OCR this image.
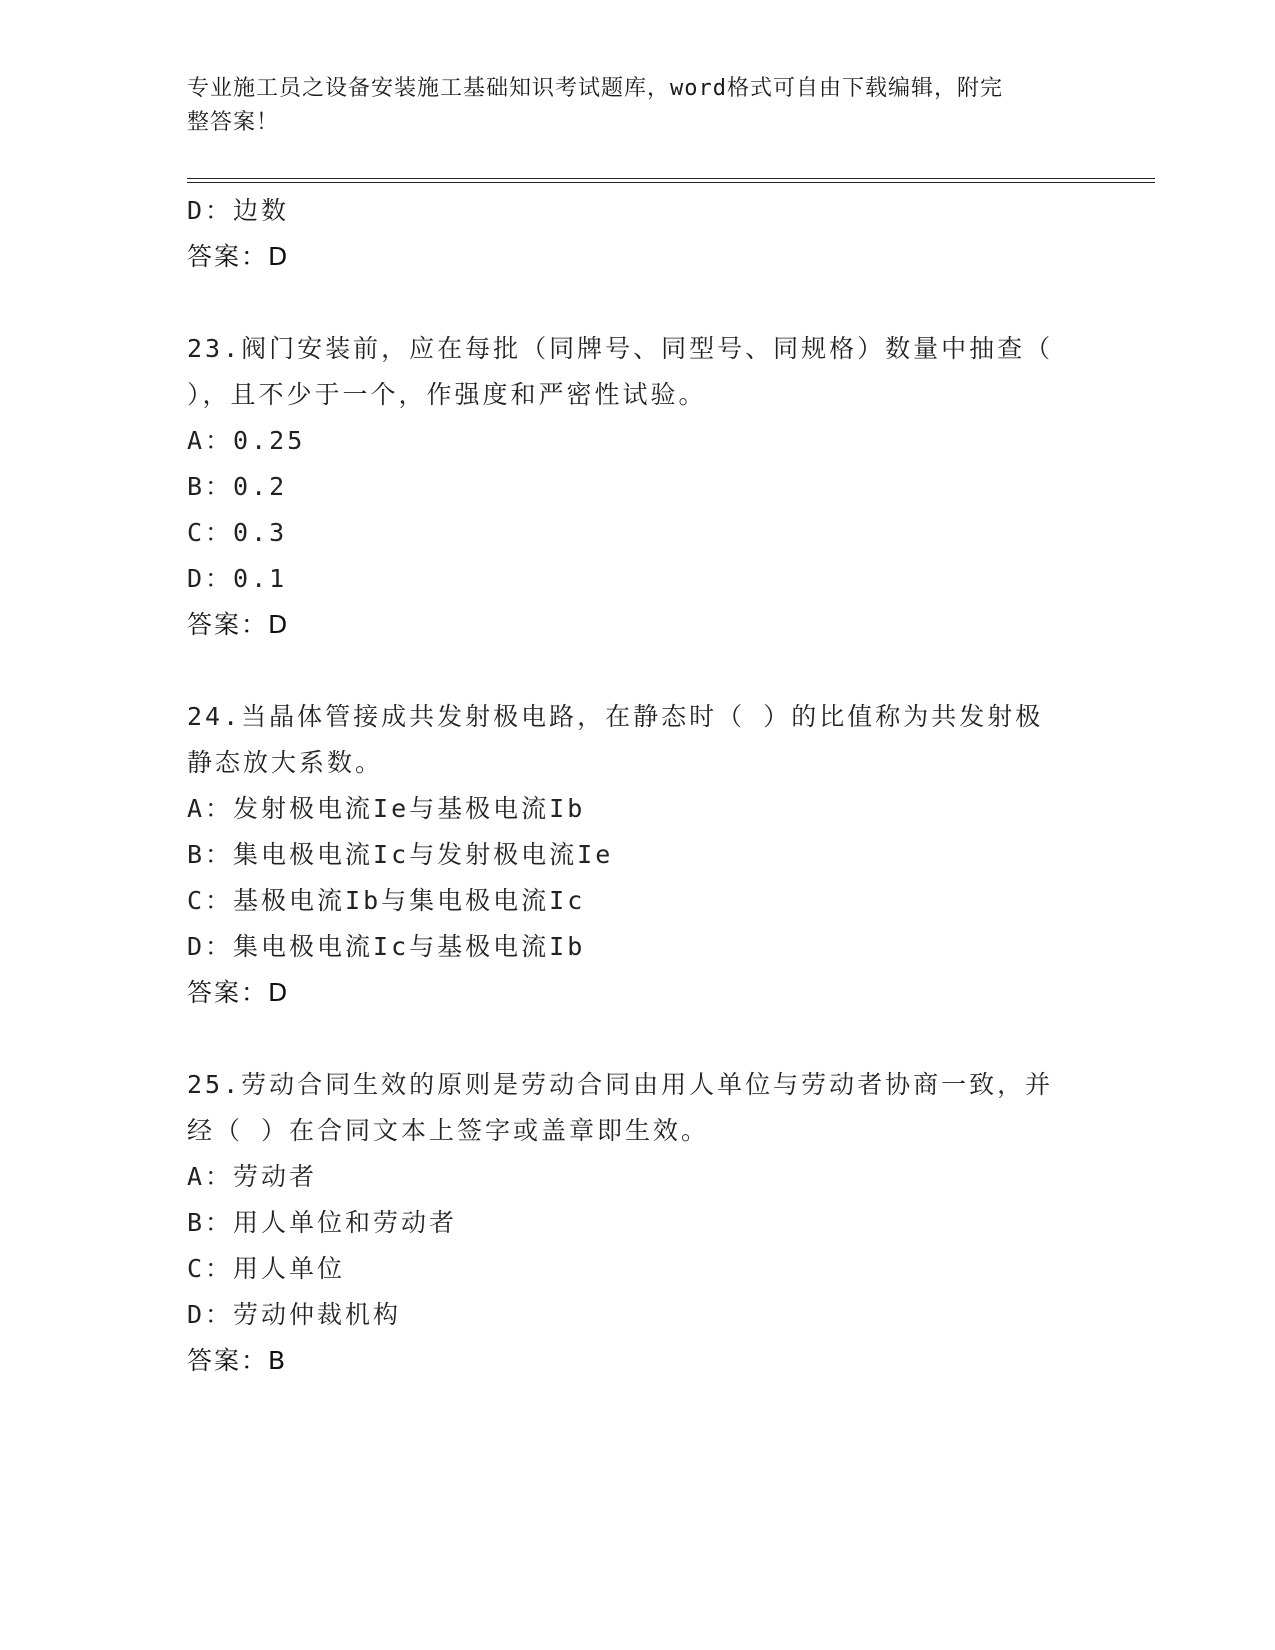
专业施工员之设备安装施工基础知识考试题库，word格式可自由下载编辑，附完
整答案！
D：边数
答案：D
23.阀门安装前，应在每批（同牌号、同型号、同规格）数量中抽查（
），且不少于一个，作强度和严密性试验。
A：0.25
B：0.2
C：0.3
D：0.1
答案：D
24.当晶体管接成共发射极电路，在静态时（ ）的比值称为共发射极
静态放大系数。
A：发射极电流Ie与基极电流Ib
B：集电极电流Ic与发射极电流Ie
C：基极电流Ib与集电极电流Ic
D：集电极电流Ic与基极电流Ib
答案：D
25.劳动合同生效的原则是劳动合同由用人单位与劳动者协商一致，并
经（ ）在合同文本上签字或盖章即生效。
A：劳动者
B：用人单位和劳动者
C：用人单位
D：劳动仲裁机构
答案：B
